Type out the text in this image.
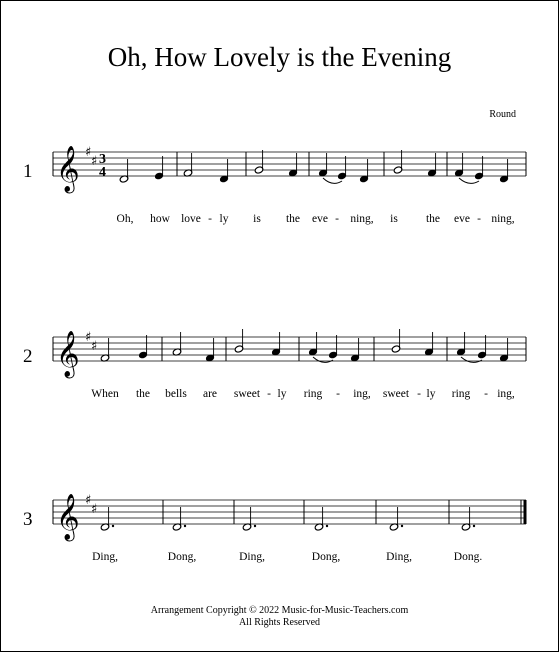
Oh, How Lovely is the Evening
Round
1 𝄞 ♯
♯ 3
4
Oh, how love - ly is the eve - ning, is the eve - ning,
2 𝄞 ♯
♯
When the bells are sweet - ly ring - ing, sweet - ly ring - ing,
3 𝄞 ♯
♯
Ding,	Dong,	Ding,	Dong,	Ding,	Dong.
Arrangement Copyright © 2022 Music-for-Music-Teachers.com
All Rights Reserved
